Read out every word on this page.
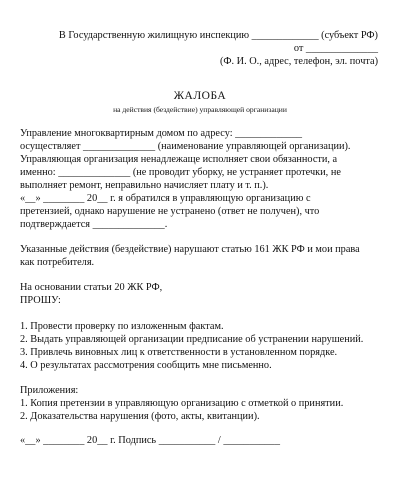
В Государственную жилищную инспекцию _____________ (субъект РФ)

от ______________

(Ф. И. О., адрес, телефон, эл. почта)

ЖАЛОБА

на действия (бездействие) управляющей организации

Управление многоквартирным домом по адресу: _____________

осуществляет ______________ (наименование управляющей организации).

Управляющая организация ненадлежаще исполняет свои обязанности, а

именно: ______________ (не проводит уборку, не устраняет протечки, не

выполняет ремонт, неправильно начисляет плату и т. п.).

«__» ________ 20__ г. я обратился в управляющую организацию с

претензией, однако нарушение не устранено (ответ не получен), что

подтверждается ______________.

Указанные действия (бездействие) нарушают статью 161 ЖК РФ и мои права

как потребителя.

На основании статьи 20 ЖК РФ,

ПРОШУ:

1. Провести проверку по изложенным фактам.

2. Выдать управляющей организации предписание об устранении нарушений.

3. Привлечь виновных лиц к ответственности в установленном порядке.

4. О результатах рассмотрения сообщить мне письменно.

Приложения:

1. Копия претензии в управляющую организацию с отметкой о принятии.

2. Доказательства нарушения (фото, акты, квитанции).

«__» ________ 20__ г. Подпись ___________ / ___________
